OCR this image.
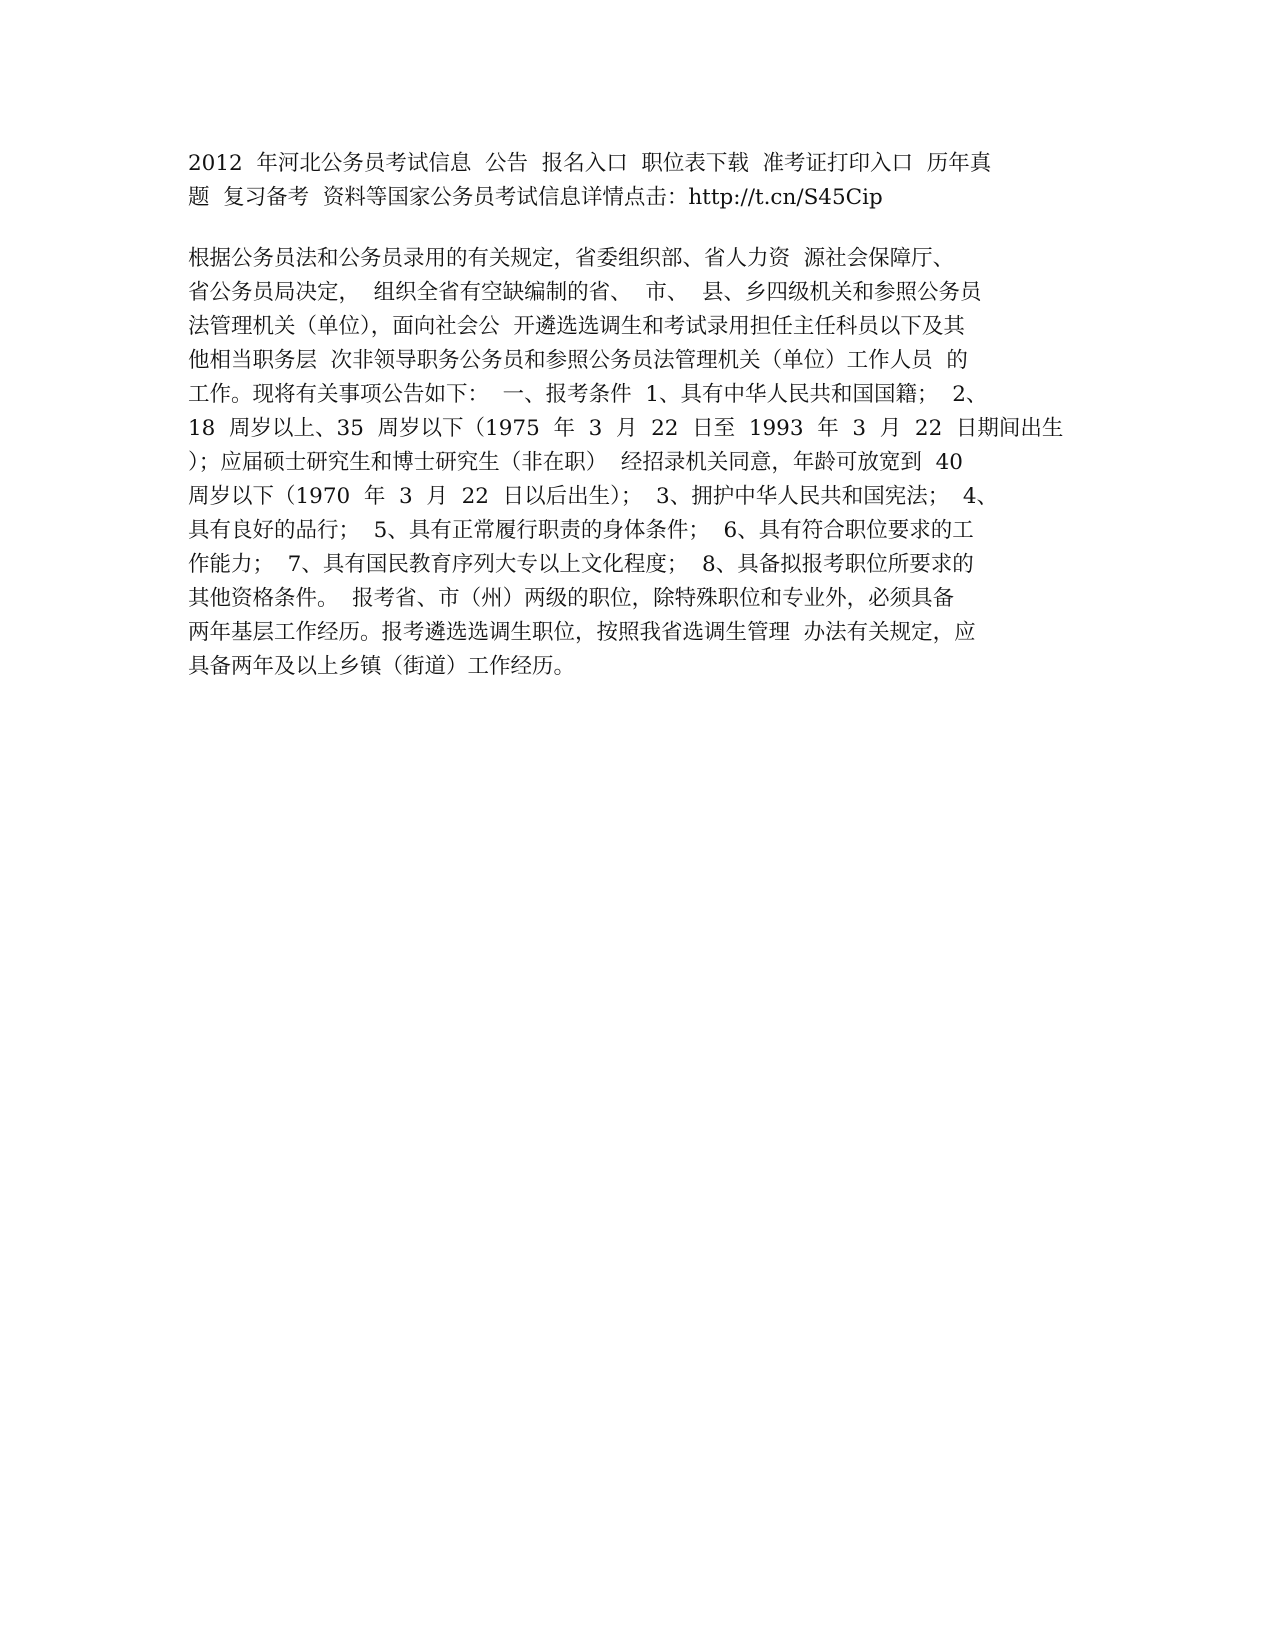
2012  年河北公务员考试信息  公告  报名入口  职位表下载  准考证打印入口  历年真
题  复习备考  资料等国家公务员考试信息详情点击：http://t.cn/S45Cip
根据公务员法和公务员录用的有关规定，省委组织部、省人力资  源社会保障厅、
省公务员局决定，  组织全省有空缺编制的省、  市、  县、乡四级机关和参照公务员
法管理机关（单位），面向社会公  开遴选选调生和考试录用担任主任科员以下及其
他相当职务层  次非领导职务公务员和参照公务员法管理机关（单位）工作人员  的
工作。现将有关事项公告如下：  一、报考条件  1、具有中华人民共和国国籍；  2、
18  周岁以上、35  周岁以下（1975  年  3  月  22  日至  1993  年  3  月  22  日期间出生
）；应届硕士研究生和博士研究生（非在职）  经招录机关同意，年龄可放宽到  40
周岁以下（1970  年  3  月  22  日以后出生）；  3、拥护中华人民共和国宪法；  4、
具有良好的品行；  5、具有正常履行职责的身体条件；  6、具有符合职位要求的工
作能力；  7、具有国民教育序列大专以上文化程度；  8、具备拟报考职位所要求的
其他资格条件。  报考省、市（州）两级的职位，除特殊职位和专业外，必须具备
两年基层工作经历。报考遴选选调生职位，按照我省选调生管理  办法有关规定，应
具备两年及以上乡镇（街道）工作经历。
